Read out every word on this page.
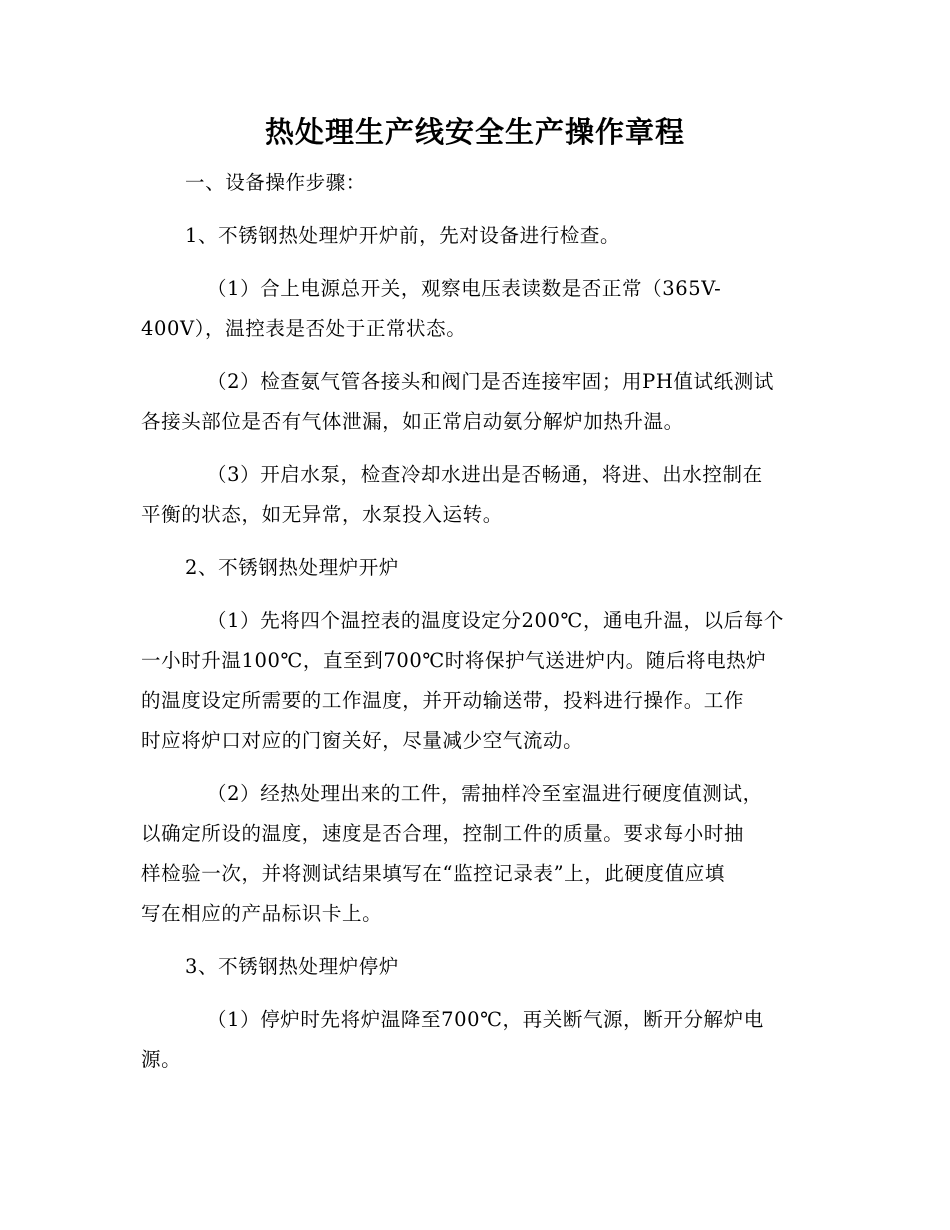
热处理生产线安全生产操作章程

一、设备操作步骤：

1、不锈钢热处理炉开炉前，先对设备进行检查。

（1）合上电源总开关，观察电压表读数是否正常（365V-
400V），温控表是否处于正常状态。

（2）检查氨气管各接头和阀门是否连接牢固；用PH值试纸测试
各接头部位是否有气体泄漏，如正常启动氨分解炉加热升温。

（3）开启水泵，检查冷却水进出是否畅通，将进、出水控制在
平衡的状态，如无异常，水泵投入运转。

2、不锈钢热处理炉开炉

（1）先将四个温控表的温度设定分200℃，通电升温，以后每个
一小时升温100℃，直至到700℃时将保护气送进炉内。随后将电热炉
的温度设定所需要的工作温度，并开动输送带，投料进行操作。工作
时应将炉口对应的门窗关好，尽量减少空气流动。

（2）经热处理出来的工件，需抽样冷至室温进行硬度值测试，
以确定所设的温度，速度是否合理，控制工件的质量。要求每小时抽
样检验一次，并将测试结果填写在“监控记录表”上，此硬度值应填
写在相应的产品标识卡上。

3、不锈钢热处理炉停炉

（1）停炉时先将炉温降至700℃，再关断气源，断开分解炉电
源。
